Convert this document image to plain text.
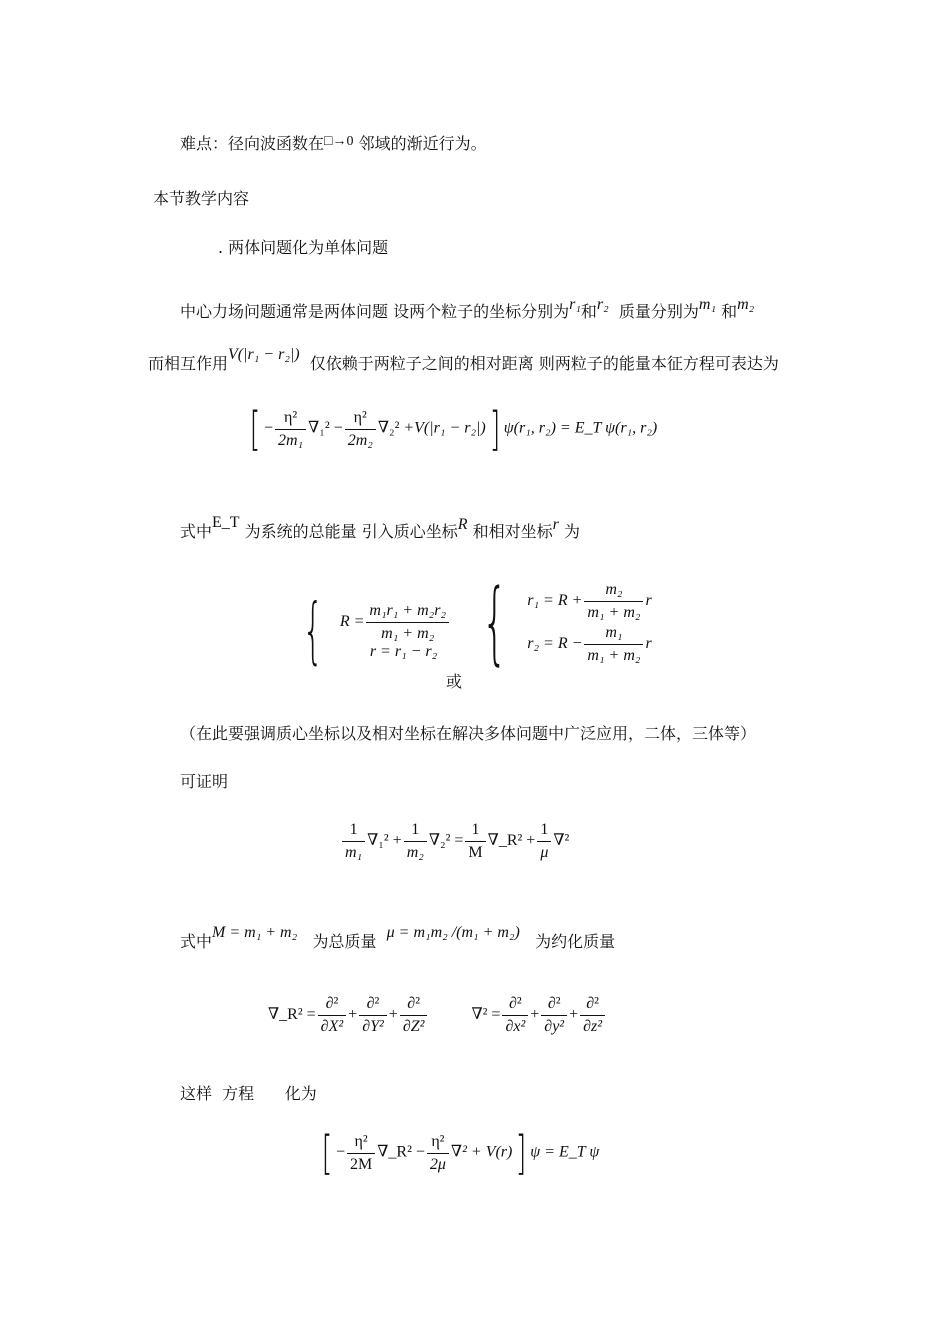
难点：径向波函数在□→0 邻域的渐近行为。
本节教学内容
. 两体问题化为单体问题
中心力场问题通常是两体问题 设两个粒子的坐标分别为r₁和r₂ 质量分别为m₁ 和m₂
而相互作用V(|r₁ − r₂|) 仅依赖于两粒子之间的相对距离 则两粒子的能量本征方程可表达为
[ − $\frac{\text{η²}}{\text{2m₁}} \nabla_1^2 - \frac{\text{η²}}{\text{2m₂}} \nabla_2^2 +V(|r_1 - r_2|)$] ψ(r₁, r₂) = E_T ψ(r₁, r₂)
式中E_T 为系统的总能量 引入质心坐标R 和相对坐标r 为
{ $R = \frac{\text{m₁r₁ + m₂r₂}}{\text{m₁ + m₂}}$
r = r₁ − r₂ { $r_1 = R + \frac{\text{m₂}}{\text{m₁ + m₂}}$ r
$r_2 = R - \frac{\text{m₁}}{\text{m₁ + m₂}}$ r
或
（在此要强调质心坐标以及相对坐标在解决多体问题中广泛应用，二体，三体等）
可证明
$\frac{1}{\text{m₁}} \nabla_1^2 + \frac{1}{\text{m₂}} \nabla_2^2 = \frac{1}{M}$ ∇_R² + $\frac{1}{\mu} \nabla^2$
式中M = m₁ + m₂ 为总质量 μ = m₁m₂ /(m₁ + m₂) 为约化质量
∇_R² = $\frac{\text{∂²}}{\text{∂X²}} + \frac{\text{∂²}}{\text{∂Y²}} + \frac{\text{∂²}}{\text{∂Z²}}$	$\nabla^2 = \frac{\text{∂²}}{\text{∂x²}} + \frac{\text{∂²}}{\text{∂y²}} + \frac{\text{∂²}}{\text{∂z²}}$
这样  方程      化为
[ − $\frac{\text{η²}}{2M}$ ∇_R² − $\frac{\text{η²}}{2\mu} \nabla^2 + V(r)$] ψ = E_T ψ
